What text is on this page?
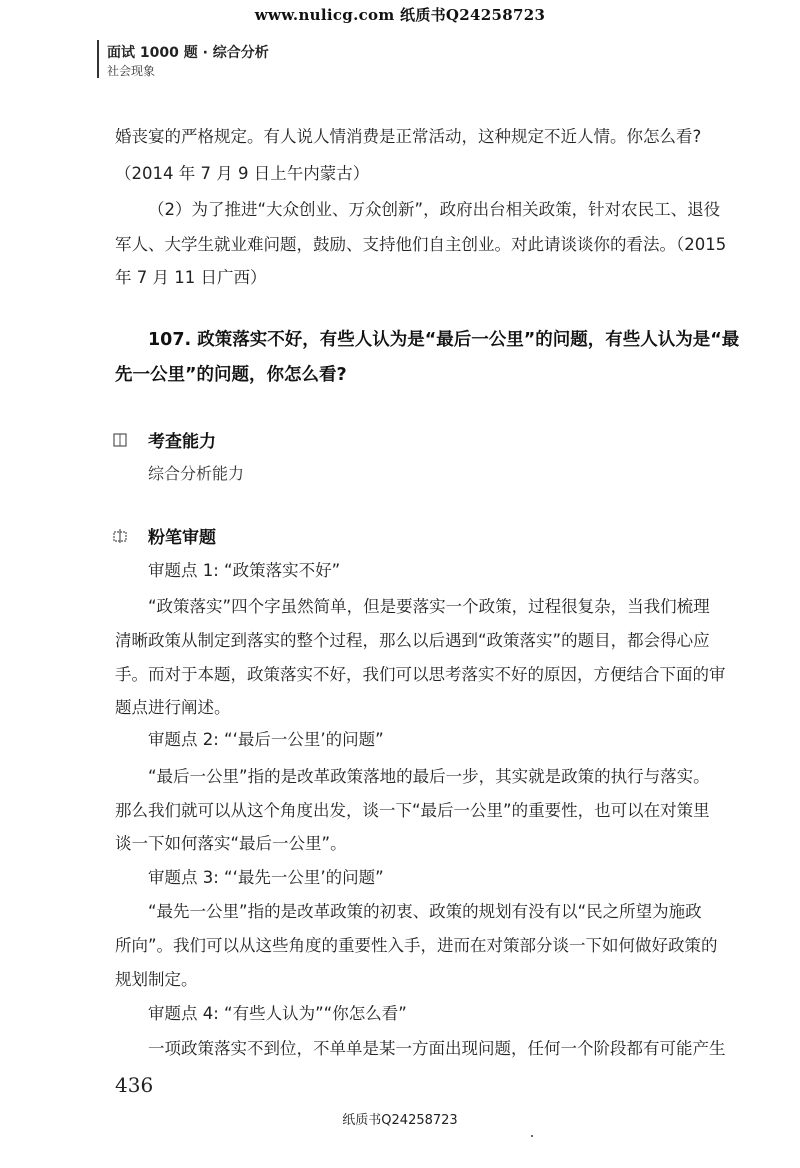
www.nulicg.com 纸质书Q24258723
面试 1000 题 · 综合分析
社会现象
婚丧宴的严格规定。有人说人情消费是正常活动，这种规定不近人情。你怎么看?
（2014 年 7 月 9 日上午内蒙古）
（2）为了推进“大众创业、万众创新”，政府出台相关政策，针对农民工、退役
军人、大学生就业难问题，鼓励、支持他们自主创业。对此请谈谈你的看法。（2015
年 7 月 11 日广西）
107. 政策落实不好，有些人认为是“最后一公里”的问题，有些人认为是“最
先一公里”的问题，你怎么看?
考查能力
综合分析能力
粉笔审题
审题点 1: “政策落实不好”
“政策落实”四个字虽然简单，但是要落实一个政策，过程很复杂，当我们梳理
清晰政策从制定到落实的整个过程，那么以后遇到“政策落实”的题目，都会得心应
手。而对于本题，政策落实不好，我们可以思考落实不好的原因，方便结合下面的审
题点进行阐述。
审题点 2: “‘最后一公里’的问题”
“最后一公里”指的是改革政策落地的最后一步，其实就是政策的执行与落实。
那么我们就可以从这个角度出发，谈一下“最后一公里”的重要性，也可以在对策里
谈一下如何落实“最后一公里”。
审题点 3: “‘最先一公里’的问题”
“最先一公里”指的是改革政策的初衷、政策的规划有没有以“民之所望为施政
所向”。我们可以从这些角度的重要性入手，进而在对策部分谈一下如何做好政策的
规划制定。
审题点 4: “有些人认为”“你怎么看”
一项政策落实不到位，不单单是某一方面出现问题，任何一个阶段都有可能产生
436
纸质书Q24258723
